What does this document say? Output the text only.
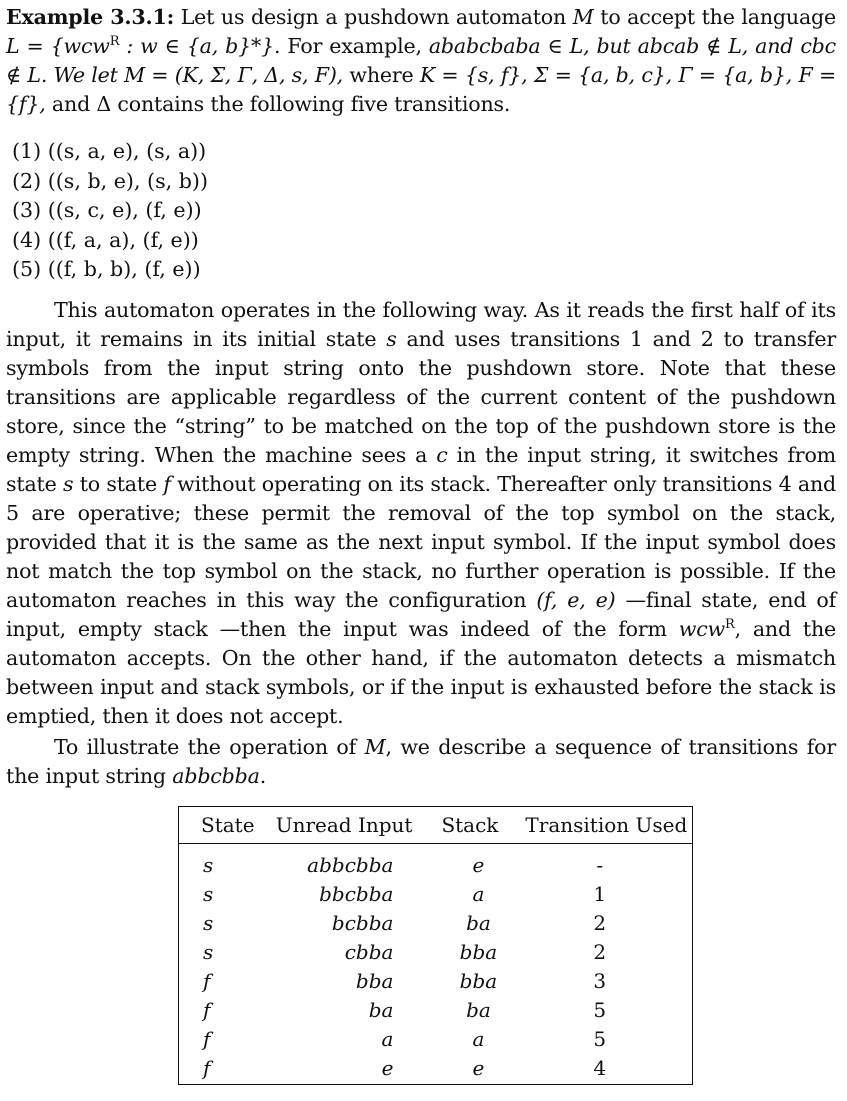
Example 3.3.1: Let us design a pushdown automaton M to accept the language L = {wcw$^R$ : w ∈ {a, b}*}. For example, ababcbaba ∈ L, but abcab ∉ L, and cbc ∉ L. We let M = (K, Σ, Γ, Δ, s, F), where K = {s, f}, Σ = {a, b, c}, Γ = {a, b}, F = {f}, and Δ contains the following five transitions.

(1) ((s, a, e), (s, a))
(2) ((s, b, e), (s, b))
(3) ((s, c, e), (f, e))
(4) ((f, a, a), (f, e))
(5) ((f, b, b), (f, e))

This automaton operates in the following way. As it reads the first half of its input, it remains in its initial state s and uses transitions 1 and 2 to transfer symbols from the input string onto the pushdown store. Note that these transitions are applicable regardless of the current content of the pushdown store, since the “string” to be matched on the top of the pushdown store is the empty string. When the machine sees a c in the input string, it switches from state s to state f without operating on its stack. Thereafter only transitions 4 and 5 are operative; these permit the removal of the top symbol on the stack, provided that it is the same as the next input symbol. If the input symbol does not match the top symbol on the stack, no further operation is possible. If the automaton reaches in this way the configuration (f, e, e) —final state, end of input, empty stack —then the input was indeed of the form wcw$^R$, and the automaton accepts. On the other hand, if the automaton detects a mismatch between input and stack symbols, or if the input is exhausted before the stack is emptied, then it does not accept.

To illustrate the operation of M, we describe a sequence of transitions for the input string abbcbba.

State	Unread Input	Stack	Transition Used
s	abbcbba	e	-
s	bbcbba	a	1
s	bcbba	ba	2
s	cbba	bba	2
f	bba	bba	3
f	ba	ba	5
f	a	a	5
f	e	e	4
